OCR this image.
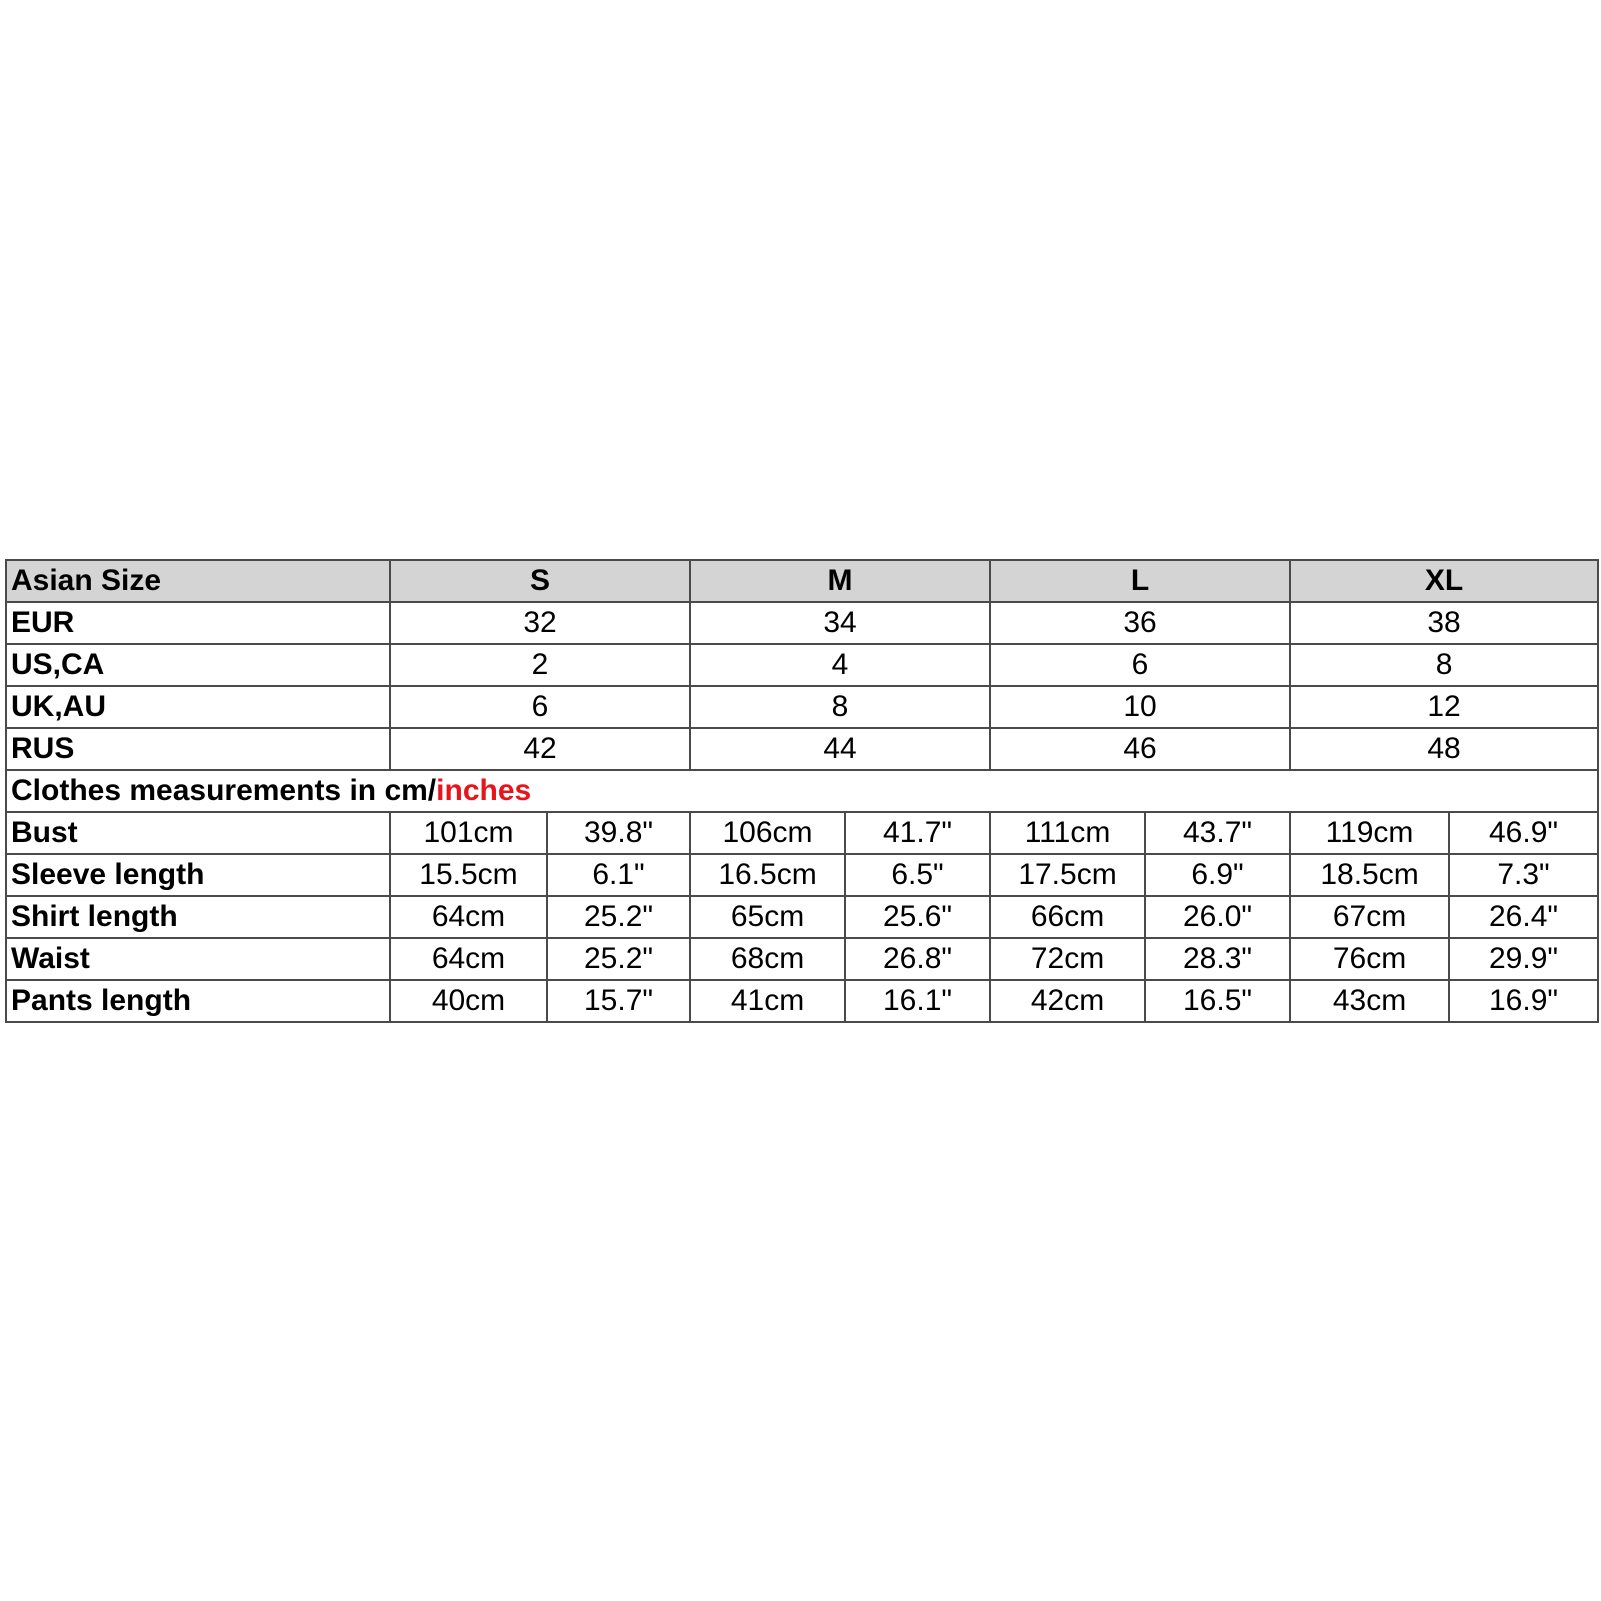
Asian Size	S		M		L		XL	
EUR	32		34		36		38	
US,CA	2		4		6		8	
UK,AU	6		8		10		12	
RUS	42		44		46		48	
Clothes measurements in cm/inches								
Bust	101cm	39.8"	106cm	41.7"	111cm	43.7"	119cm	46.9"
Sleeve length	15.5cm	6.1"	16.5cm	6.5"	17.5cm	6.9"	18.5cm	7.3"
Shirt length	64cm	25.2"	65cm	25.6"	66cm	26.0"	67cm	26.4"
Waist	64cm	25.2"	68cm	26.8"	72cm	28.3"	76cm	29.9"
Pants length	40cm	15.7"	41cm	16.1"	42cm	16.5"	43cm	16.9"
